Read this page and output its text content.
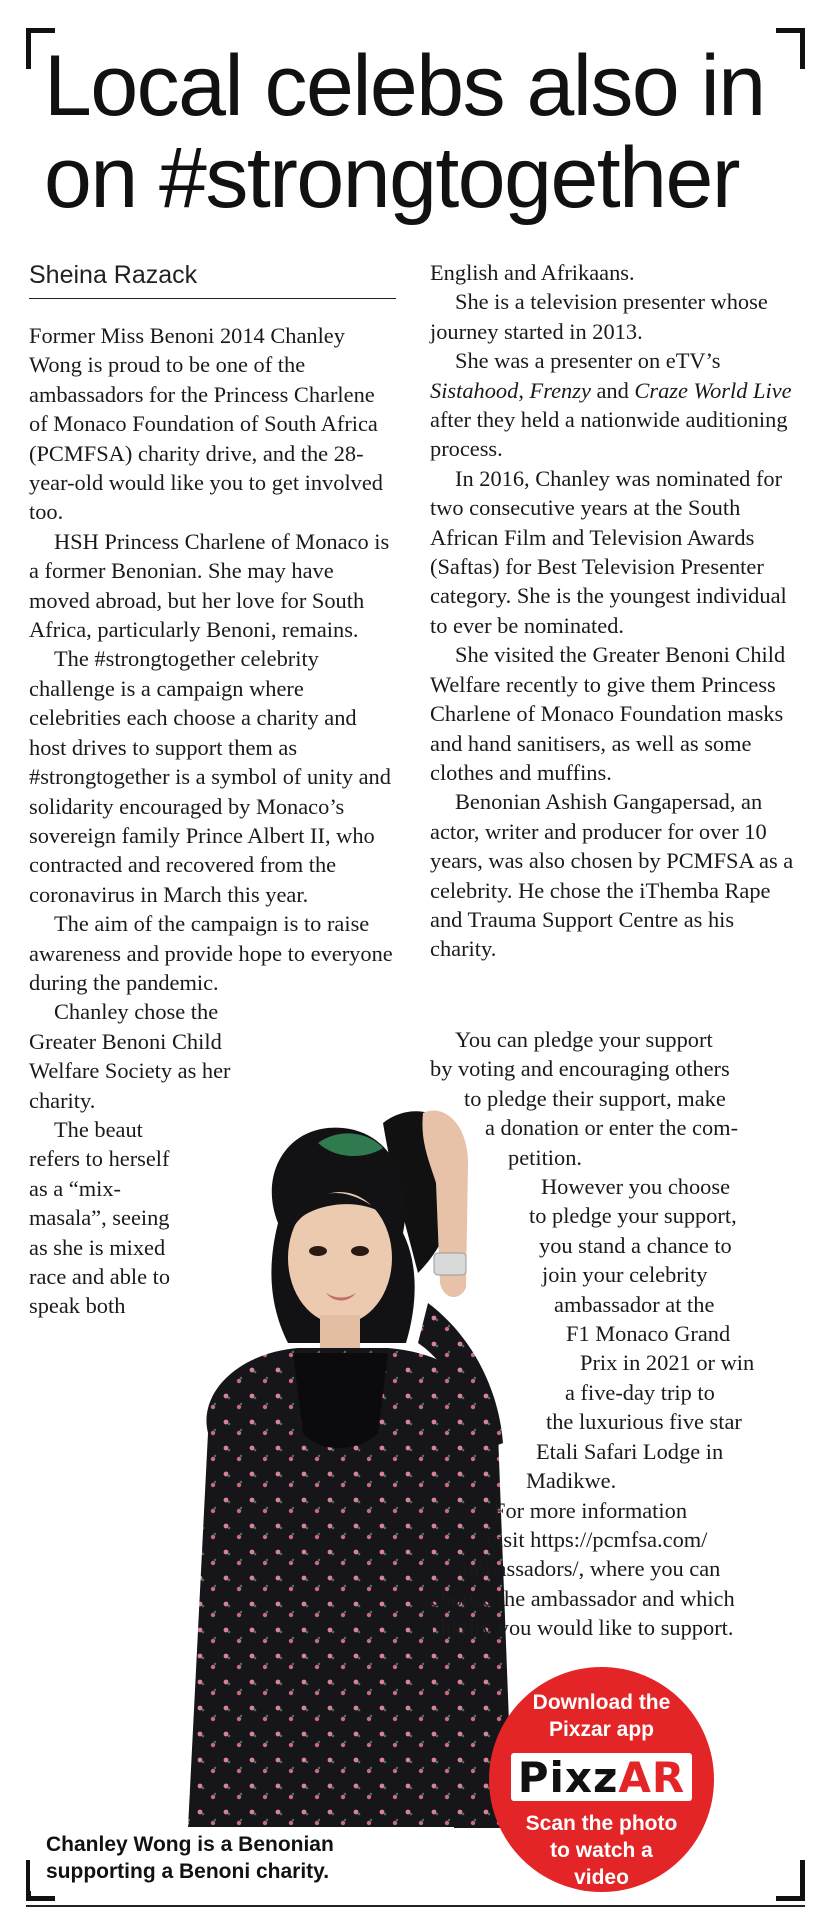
Local celebs also in
on #strongtogether
Sheina Razack

Former Miss Benoni 2014 Chanley Wong is proud to be one of the ambassadors for the Princess Charlene of Monaco Foundation of South Africa (PCMFSA) charity drive, and the 28-year-old would like you to get involved too.

HSH Princess Charlene of Monaco is a former Benonian. She may have moved abroad, but her love for South Africa, particularly Benoni, remains.

The #strongtogether celebrity challenge is a campaign where celebrities each choose a charity and host drives to support them as #strongtogether is a symbol of unity and solidarity encouraged by Monaco’s sovereign family Prince Albert II, who contracted and recovered from the coronavirus in March this year.

The aim of the campaign is to raise awareness and provide hope to everyone during the pandemic.

Chanley chose the Greater Benoni Child Welfare Society as her charity.

The beaut refers to herself as a “mix-masala”, seeing as she is mixed race and able to speak both

English and Afrikaans.

She is a television presenter whose journey started in 2013.

She was a presenter on eTV’s Sistahood, Frenzy and Craze World Live after they held a nationwide auditioning process.

In 2016, Chanley was nominated for two consecutive years at the South African Film and Television Awards (Saftas) for Best Television Presenter category. She is the youngest individual to ever be nominated.

She visited the Greater Benoni Child Welfare recently to give them Princess Charlene of Monaco Foundation masks and hand sanitisers, as well as some clothes and muffins.

Benonian Ashish Gangapersad, an actor, writer and producer for over 10 years, was also chosen by PCMFSA as a celebrity. He chose the iThemba Rape and Trauma Support Centre as his charity.

You can pledge your support
by voting and encouraging others
to pledge their support, make
a donation or enter the com-
petition.
However you choose
to pledge your support,
you stand a chance to
join your celebrity
ambassador at the
F1 Monaco Grand
Prix in 2021 or win
a five-day trip to
the luxurious five star
Etali Safari Lodge in
Madikwe.
For more information
visit https://pcmfsa.com/
ambassadors/, where you can
choose the ambassador and which
charity you would like to support.
Download the
Pixzar app
Pixz AR
Scan the photo
to watch a
video
Chanley Wong is a Benonian supporting a Benoni charity.
